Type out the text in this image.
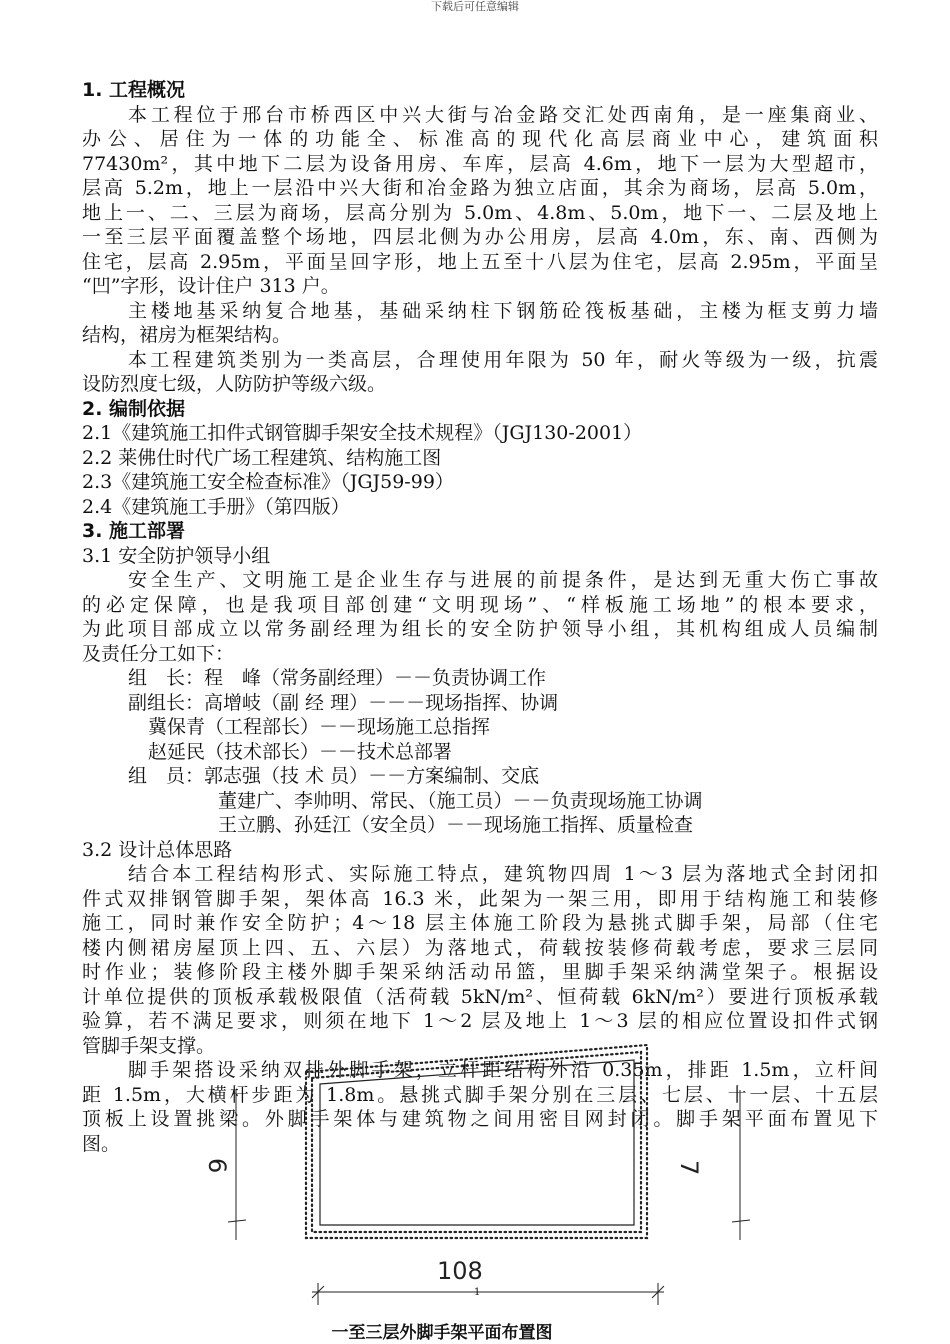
下载后可任意编辑

1. 工程概况

本工程位于邢台市桥西区中兴大街与冶金路交汇处西南角，是一座集商业、

办公、居住为一体的功能全、标准高的现代化高层商业中心，建筑面积

77430m²，其中地下二层为设备用房、车库，层高 4.6m，地下一层为大型超市，

层高 5.2m，地上一层沿中兴大街和冶金路为独立店面，其余为商场，层高 5.0m，

地上一、二、三层为商场，层高分别为 5.0m、4.8m、5.0m，地下一、二层及地上

一至三层平面覆盖整个场地，四层北侧为办公用房，层高 4.0m，东、南、西侧为

住宅，层高 2.95m，平面呈回字形，地上五至十八层为住宅，层高 2.95m，平面呈

“凹”字形，设计住户 313 户。

主楼地基采纳复合地基，基础采纳柱下钢筋砼筏板基础，主楼为框支剪力墙

结构，裙房为框架结构。

本工程建筑类别为一类高层，合理使用年限为 50 年，耐火等级为一级，抗震

设防烈度七级，人防防护等级六级。

2. 编制依据

2.1《建筑施工扣件式钢管脚手架安全技术规程》（JGJ130-2001）

2.2 莱佛仕时代广场工程建筑、结构施工图

2.3《建筑施工安全检查标准》（JGJ59-99）

2.4《建筑施工手册》（第四版）

3. 施工部署

3.1 安全防护领导小组

安全生产、文明施工是企业生存与进展的前提条件，是达到无重大伤亡事故

的必定保障，也是我项目部创建“文明现场”、“样板施工场地”的根本要求，

为此项目部成立以常务副经理为组长的安全防护领导小组，其机构组成人员编制

及责任分工如下：

组　长：程　峰（常务副经理）－－负责协调工作

副组长：高增岐（副 经 理）－－－现场指挥、协调

冀保青（工程部长）－－现场施工总指挥

赵延民（技术部长）－－技术总部署

组　员：郭志强（技 术 员）－－方案编制、交底

董建广、李帅明、常民、（施工员）－－负责现场施工协调

王立鹏、孙廷江（安全员）－－现场施工指挥、质量检查

3.2 设计总体思路

结合本工程结构形式、实际施工特点，建筑物四周 1～3 层为落地式全封闭扣

件式双排钢管脚手架，架体高 16.3 米，此架为一架三用，即用于结构施工和装修

施工，同时兼作安全防护；4～18 层主体施工阶段为悬挑式脚手架，局部（住宅

楼内侧裙房屋顶上四、五、六层）为落地式，荷载按装修荷载考虑，要求三层同

时作业；装修阶段主楼外脚手架采纳活动吊篮，里脚手架采纳满堂架子。根据设

计单位提供的顶板承载极限值（活荷载 5kN/m²、恒荷载 6kN/m²）要进行顶板承载

验算，若不满足要求，则须在地下 1～2 层及地上 1～3 层的相应位置设扣件式钢

管脚手架支撑。

脚手架搭设采纳双排外脚手架，立杆距结构外沿 0.35m，排距 1.5m，立杆间

距 1.5m，大横杆步距为 1.8m。悬挑式脚手架分别在三层、七层、十一层、十五层

顶板上设置挑梁。外脚手架体与建筑物之间用密目网封闭。脚手架平面布置见下

图。

6	7
108
1
一至三层外脚手架平面布置图
